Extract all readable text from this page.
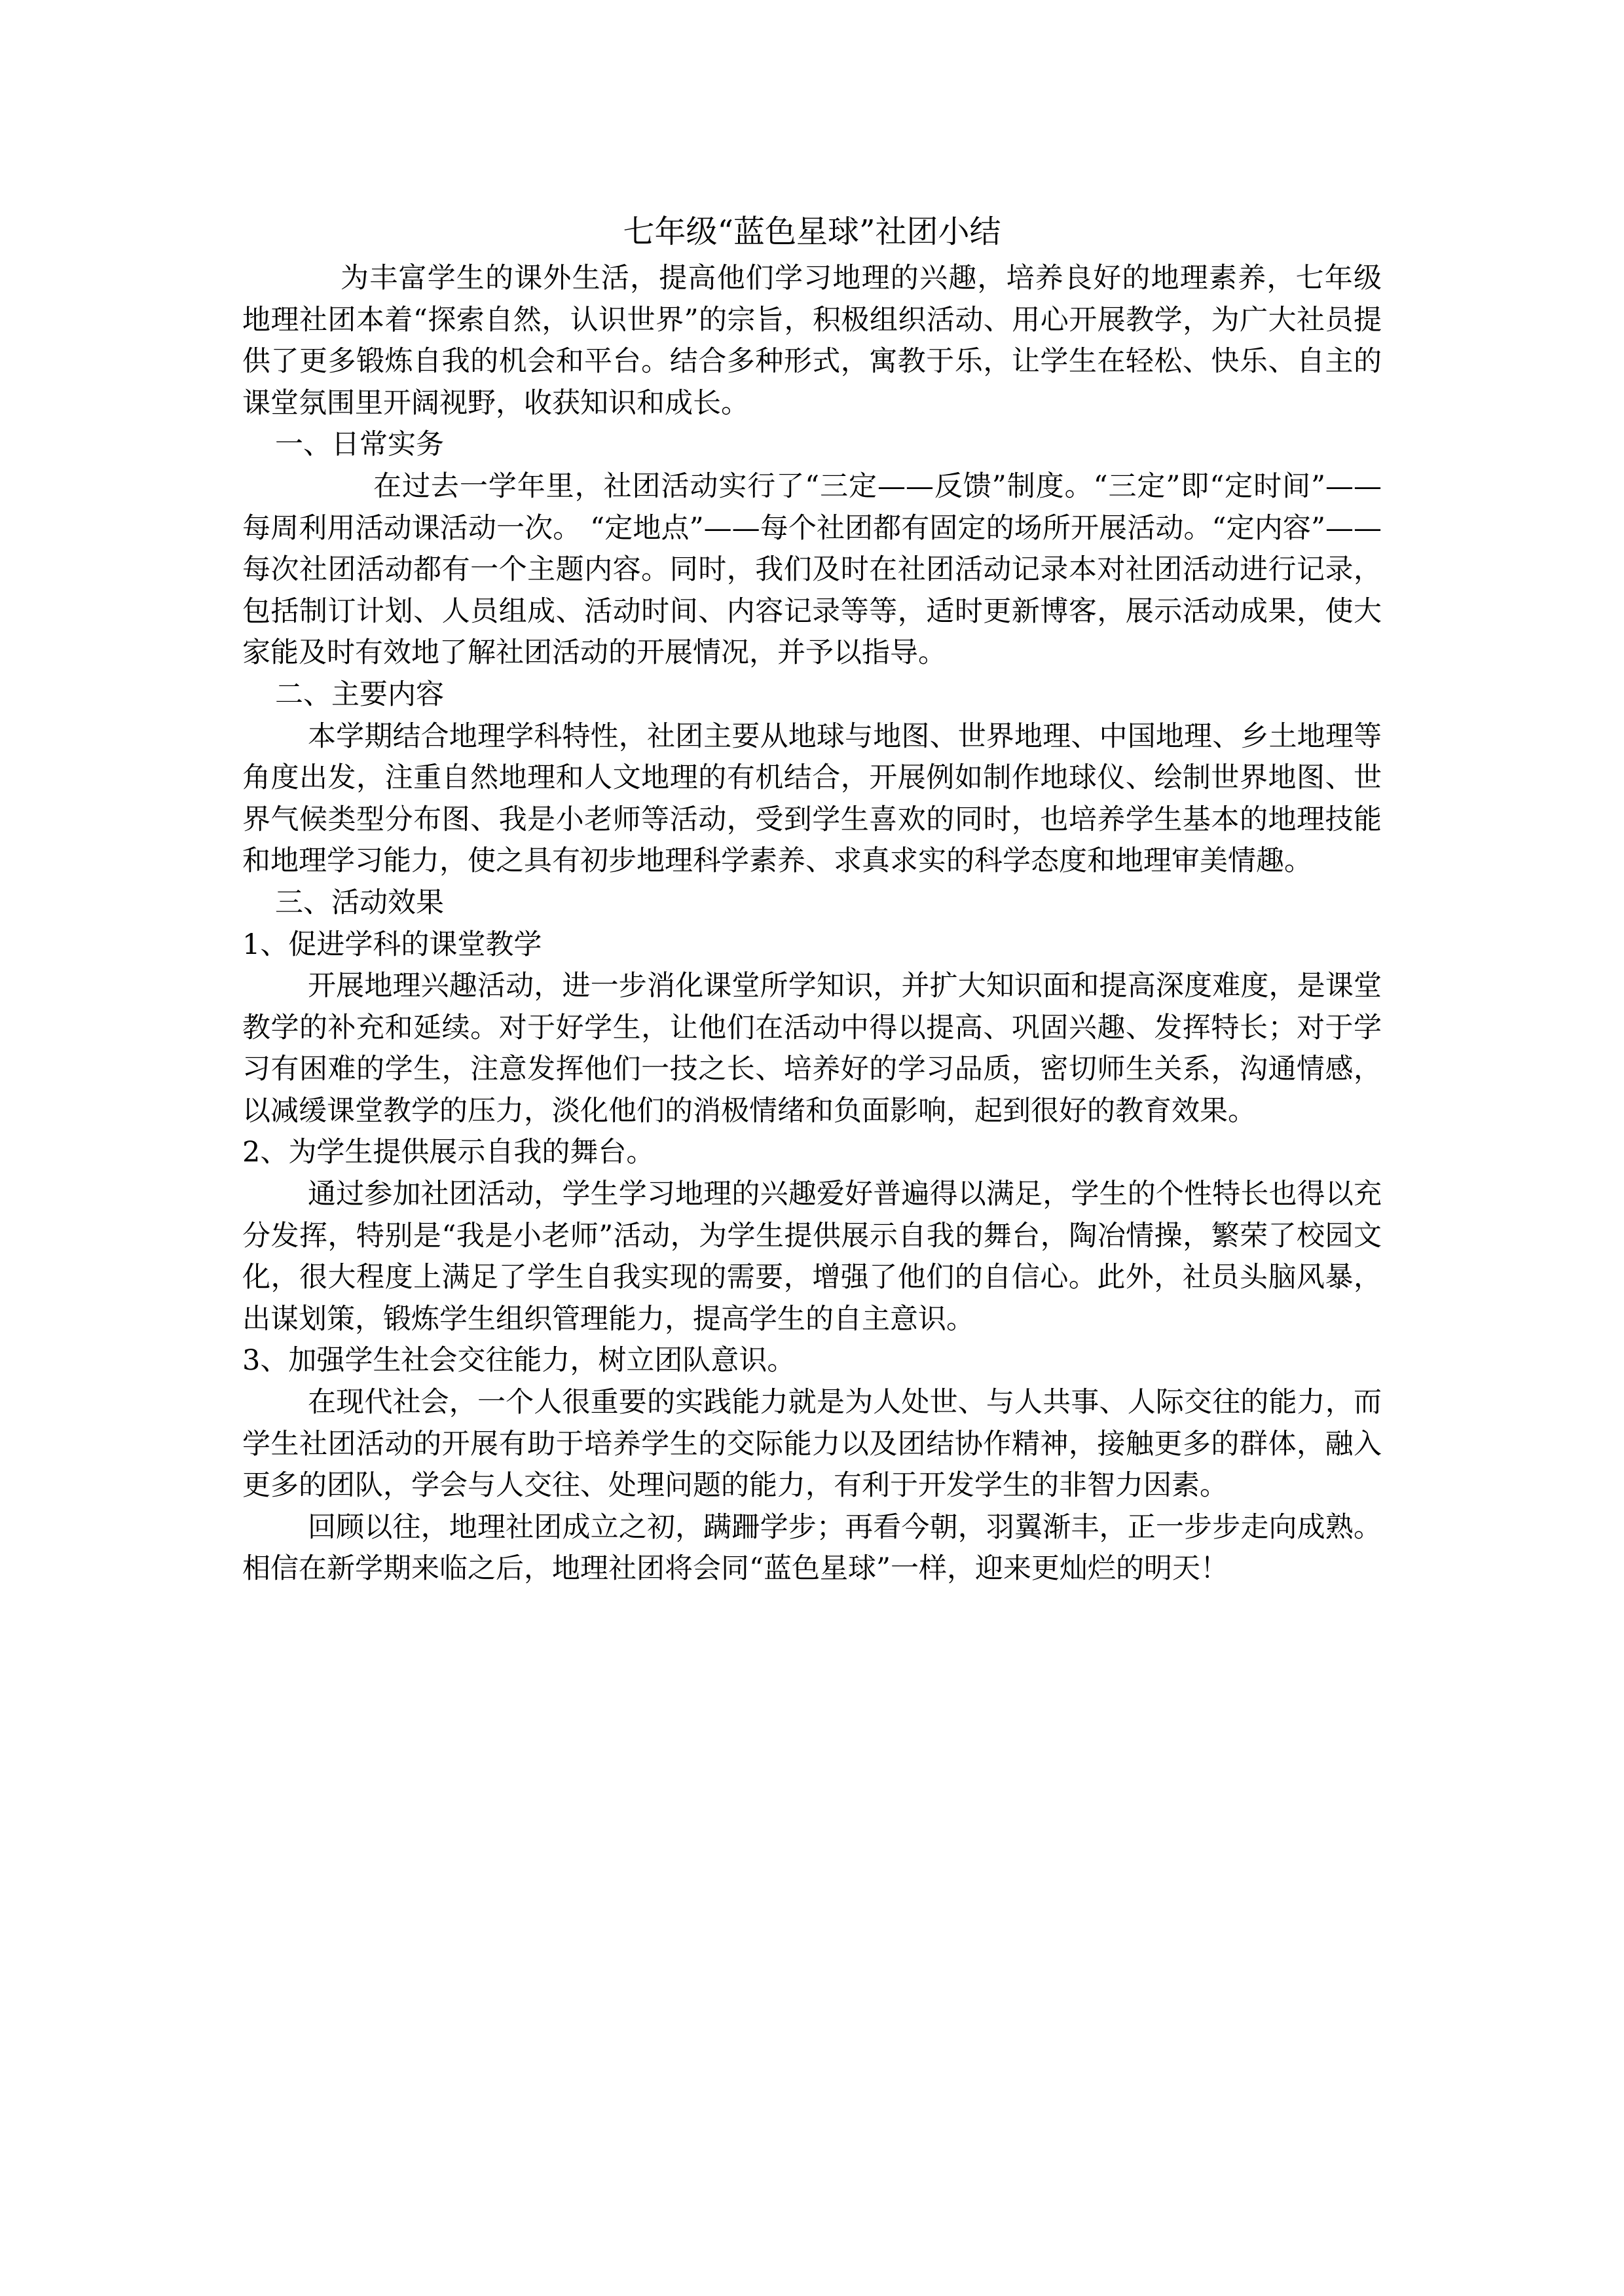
七年级“蓝色星球”社团小结

为丰富学生的课外生活，提高他们学习地理的兴趣，培养良好的地理素养，七年级地理社团本着“探索自然，认识世界”的宗旨，积极组织活动、用心开展教学，为广大社员提供了更多锻炼自我的机会和平台。结合多种形式，寓教于乐，让学生在轻松、快乐、自主的课堂氛围里开阔视野，收获知识和成长。

一、日常实务

在过去一学年里，社团活动实行了“三定——反馈”制度。“三定”即“定时间”——每周利用活动课活动一次。 “定地点”——每个社团都有固定的场所开展活动。“定内容”——每次社团活动都有一个主题内容。同时，我们及时在社团活动记录本对社团活动进行记录，包括制订计划、人员组成、活动时间、内容记录等等，适时更新博客，展示活动成果，使大家能及时有效地了解社团活动的开展情况，并予以指导。

二、主要内容

本学期结合地理学科特性，社团主要从地球与地图、世界地理、中国地理、乡土地理等角度出发，注重自然地理和人文地理的有机结合，开展例如制作地球仪、绘制世界地图、世界气候类型分布图、我是小老师等活动，受到学生喜欢的同时，也培养学生基本的地理技能和地理学习能力，使之具有初步地理科学素养、求真求实的科学态度和地理审美情趣。

三、活动效果
1、促进学科的课堂教学

开展地理兴趣活动，进一步消化课堂所学知识，并扩大知识面和提高深度难度，是课堂教学的补充和延续。对于好学生，让他们在活动中得以提高、巩固兴趣、发挥特长；对于学习有困难的学生，注意发挥他们一技之长、培养好的学习品质，密切师生关系，沟通情感，以减缓课堂教学的压力，淡化他们的消极情绪和负面影响，起到很好的教育效果。

2、为学生提供展示自我的舞台。

通过参加社团活动，学生学习地理的兴趣爱好普遍得以满足，学生的个性特长也得以充分发挥，特别是“我是小老师”活动，为学生提供展示自我的舞台，陶冶情操，繁荣了校园文化，很大程度上满足了学生自我实现的需要，增强了他们的自信心。此外，社员头脑风暴，出谋划策，锻炼学生组织管理能力，提高学生的自主意识。

3、加强学生社会交往能力，树立团队意识。

在现代社会，一个人很重要的实践能力就是为人处世、与人共事、人际交往的能力，而学生社团活动的开展有助于培养学生的交际能力以及团结协作精神，接触更多的群体，融入更多的团队，学会与人交往、处理问题的能力，有利于开发学生的非智力因素。

回顾以往，地理社团成立之初，蹒跚学步；再看今朝，羽翼渐丰，正一步步走向成熟。相信在新学期来临之后，地理社团将会同“蓝色星球”一样，迎来更灿烂的明天！
